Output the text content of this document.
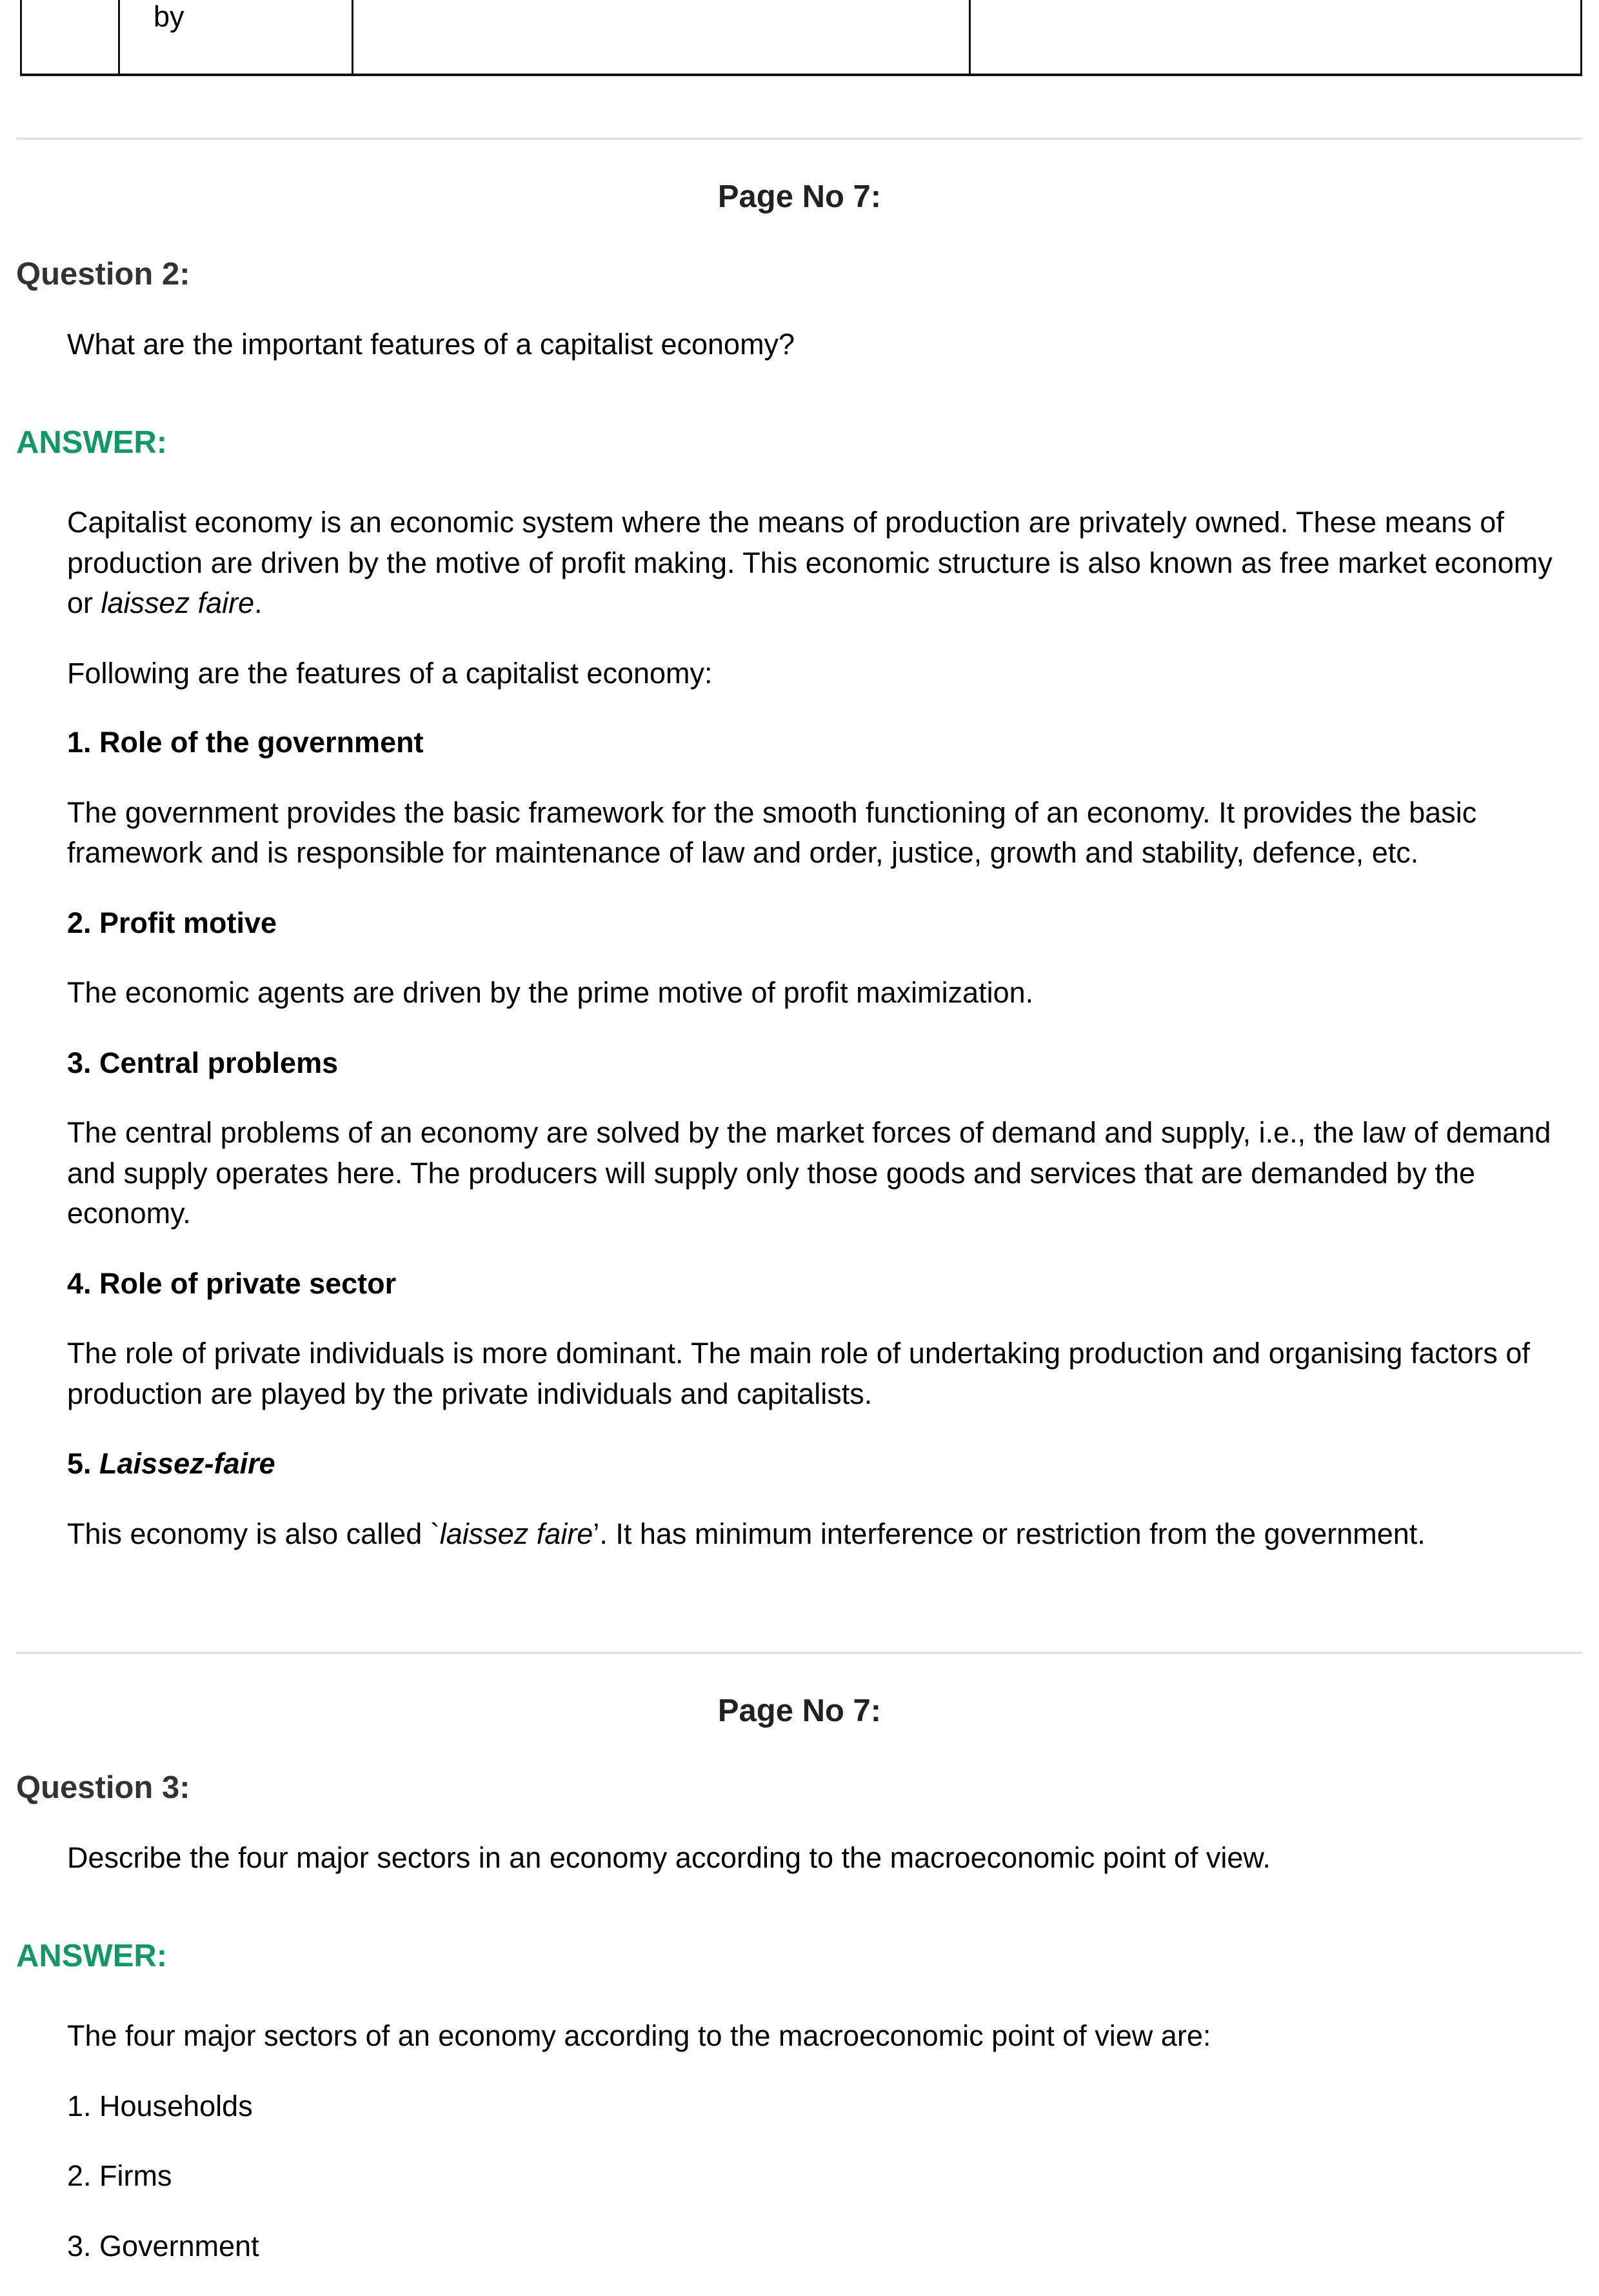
by
Page No 7:
Question 2:
What are the important features of a capitalist economy?
ANSWER:

Capitalist economy is an economic system where the means of production are privately owned. These means of production are driven by the motive of profit making. This economic structure is also known as free market economy or laissez faire.

Following are the features of a capitalist economy:

1. Role of the government

The government provides the basic framework for the smooth functioning of an economy. It provides the basic framework and is responsible for maintenance of law and order, justice, growth and stability, defence, etc.

2. Profit motive

The economic agents are driven by the prime motive of profit maximization.

3. Central problems

The central problems of an economy are solved by the market forces of demand and supply, i.e., the law of demand and supply operates here. The producers will supply only those goods and services that are demanded by the economy.

4. Role of private sector

The role of private individuals is more dominant. The main role of undertaking production and organising factors of production are played by the private individuals and capitalists.

5. Laissez-faire

This economy is also called `laissez faire’. It has minimum interference or restriction from the government.

Page No 7:
Question 3:
Describe the four major sectors in an economy according to the macroeconomic point of view.
ANSWER:

The four major sectors of an economy according to the macroeconomic point of view are:

1. Households

2. Firms

3. Government
